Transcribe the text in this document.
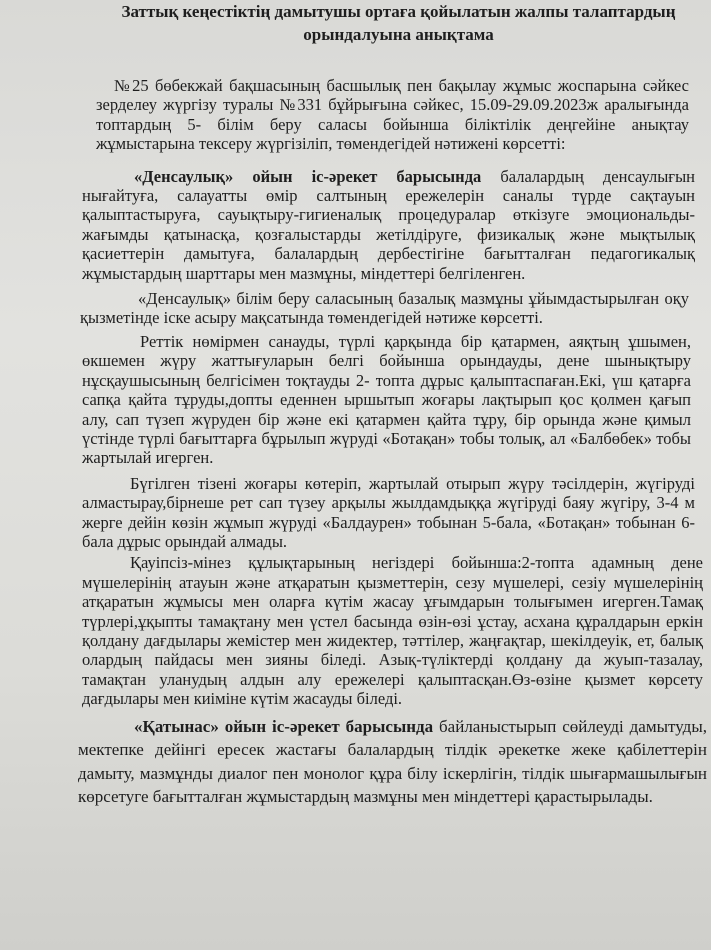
Заттық кеңестіктің дамытушы ортаға қойылатын жалпы талаптардың орындалуына анықтама

№25 бөбекжай бақшасының басшылық пен бақылау жұмыс жоспарына сәйкес зерделеу жүргізу туралы №331 бұйрығына сәйкес, 15.09-29.09.2023ж аралығында топтардың 5- білім беру саласы бойынша біліктілік деңгейіне анықтау жұмыстарына тексеру жүргізіліп, төмендегідей нәтижені көрсетті:

«Денсаулық» ойын іс-әрекет барысында балалардың денсаулығын нығайтуға, салауатты өмір салтының ережелерін саналы түрде сақтауын қалыптастыруға, сауықтыру-гигиеналық процедуралар өткізуге эмоциональды-жағымды қатынасқа, қозғалыстарды жетілдіруге, физикалық және мықтылық қасиеттерін дамытуға, балалардың дербестігіне бағытталған педагогикалық жұмыстардың шарттары мен мазмұны, міндеттері белгіленген.

«Денсаулық» білім беру саласының базалық мазмұны ұйымдастырылған оқу қызметінде іске асыру мақсатында төмендегідей нәтиже көрсетті.

Реттік нөмірмен санауды, түрлі қарқында бір қатармен, аяқтың ұшымен, өкшемен жүру жаттығуларын белгі бойынша орындауды, дене шынықтыру нұсқаушысының белгісімен тоқтауды 2- топта дұрыс қалыптаспаған.Екі, үш қатарға сапқа қайта тұруды,допты еденнен ыршытып жоғары лақтырып қос қолмен қағып алу, сап түзеп жүруден бір және екі қатармен қайта тұру, бір орында және қимыл үстінде түрлі бағыттарға бұрылып жүруді «Ботақан» тобы толық, ал «Балбөбек» тобы жартылай игерген.

Бүгілген тізені жоғары көтеріп, жартылай отырып жүру тәсілдерін, жүгіруді алмастырау,бірнеше рет сап түзеу арқылы жылдамдыққа жүгіруді баяу жүгіру, 3-4 м жерге дейін көзін жұмып жүруді «Балдаурен» тобынан 5-бала, «Ботақан» тобынан 6- бала дұрыс орындай алмады.

Қауіпсіз-мінез құлықтарының негіздері бойынша:2-топта адамның дене мүшелерінің атауын және атқаратын қызметтерін, сезу мүшелері, сезіу мүшелерінің атқаратын жұмысы мен оларға күтім жасау ұғымдарын толығымен игерген.Тамақ түрлері,ұқыпты тамақтану мен үстел басында өзін-өзі ұстау, асхана құралдарын еркін қолдану дағдылары жемістер мен жидектер, тәттілер, жаңғақтар, шекілдеуік, ет, балық олардың пайдасы мен зияны біледі. Азық-түліктерді қолдану да жуып-тазалау, тамақтан уланудың алдын алу ережелері қалыптасқан.Өз-өзіне қызмет көрсету дағдылары мен киіміне күтім жасауды біледі.

«Қатынас» ойын іс-әрекет барысында байланыстырып сөйлеуді дамытуды, мектепке дейінгі ересек жастағы балалардың тілдік әрекетке жеке қабілеттерін дамыту, мазмұнды диалог пен монолог құра білу іскерлігін, тілдік шығармашылығын көрсетуге бағытталған жұмыстардың мазмұны мен міндеттері қарастырылады.
